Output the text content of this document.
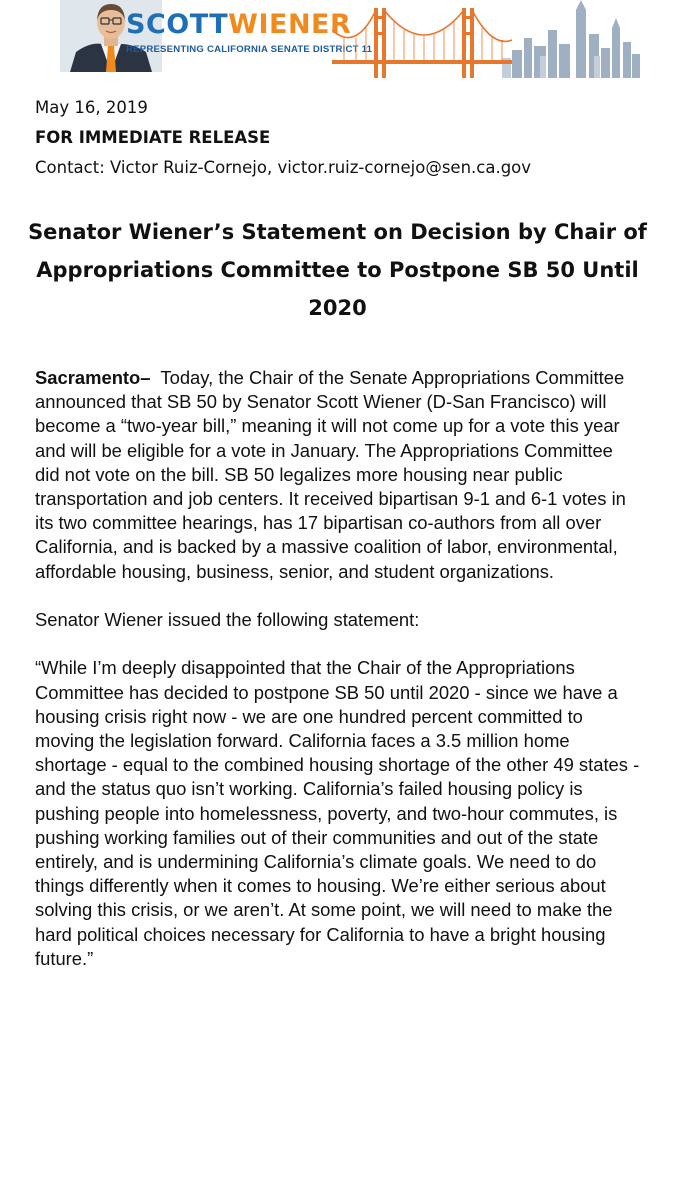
SCOTTWIENER
REPRESENTING CALIFORNIA SENATE DISTRICT 11
May 16, 2019
FOR IMMEDIATE RELEASE
Contact: Victor Ruiz-Cornejo, victor.ruiz-cornejo@sen.ca.gov
Senator Wiener’s Statement on Decision by Chair of Appropriations Committee to Postpone SB 50 Until 2020

Sacramento– Today, the Chair of the Senate Appropriations Committee announced that SB 50 by Senator Scott Wiener (D-San Francisco) will become a “two-year bill,” meaning it will not come up for a vote this year and will be eligible for a vote in January. The Appropriations Committee did not vote on the bill. SB 50 legalizes more housing near public transportation and job centers. It received bipartisan 9-1 and 6-1 votes in its two committee hearings, has 17 bipartisan co-authors from all over California, and is backed by a massive coalition of labor, environmental, affordable housing, business, senior, and student organizations.

Senator Wiener issued the following statement:

“While I’m deeply disappointed that the Chair of the Appropriations Committee has decided to postpone SB 50 until 2020 - since we have a housing crisis right now - we are one hundred percent committed to moving the legislation forward. California faces a 3.5 million home shortage - equal to the combined housing shortage of the other 49 states - and the status quo isn’t working. California’s failed housing policy is pushing people into homelessness, poverty, and two-hour commutes, is pushing working families out of their communities and out of the state entirely, and is undermining California’s climate goals. We need to do things differently when it comes to housing. We’re either serious about solving this crisis, or we aren’t. At some point, we will need to make the hard political choices necessary for California to have a bright housing future.”
